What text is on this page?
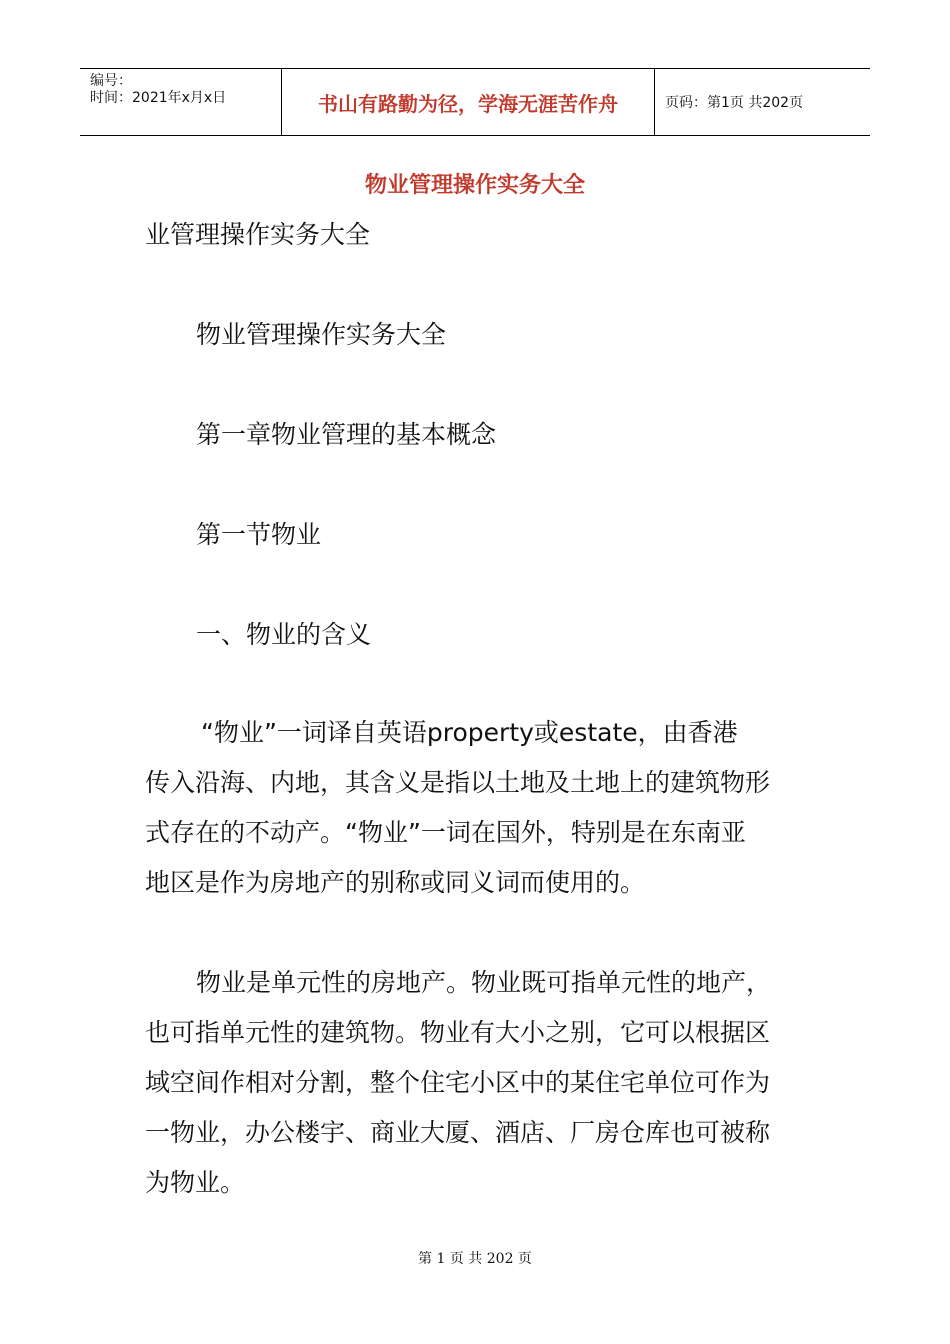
编号：
时间：2021年x月x日	书山有路勤为径，学海无涯苦作舟	页码：第1页 共202页
物业管理操作实务大全
业管理操作实务大全
物业管理操作实务大全
第一章物业管理的基本概念
第一节物业
一、物业的含义
“物业”一词译自英语property或estate，由香港
传入沿海、内地，其含义是指以土地及土地上的建筑物形
式存在的不动产。“物业”一词在国外，特别是在东南亚
地区是作为房地产的别称或同义词而使用的。
物业是单元性的房地产。物业既可指单元性的地产，
也可指单元性的建筑物。物业有大小之别，它可以根据区
域空间作相对分割，整个住宅小区中的某住宅单位可作为
一物业，办公楼宇、商业大厦、酒店、厂房仓库也可被称
为物业。
第 1 页 共 202 页
